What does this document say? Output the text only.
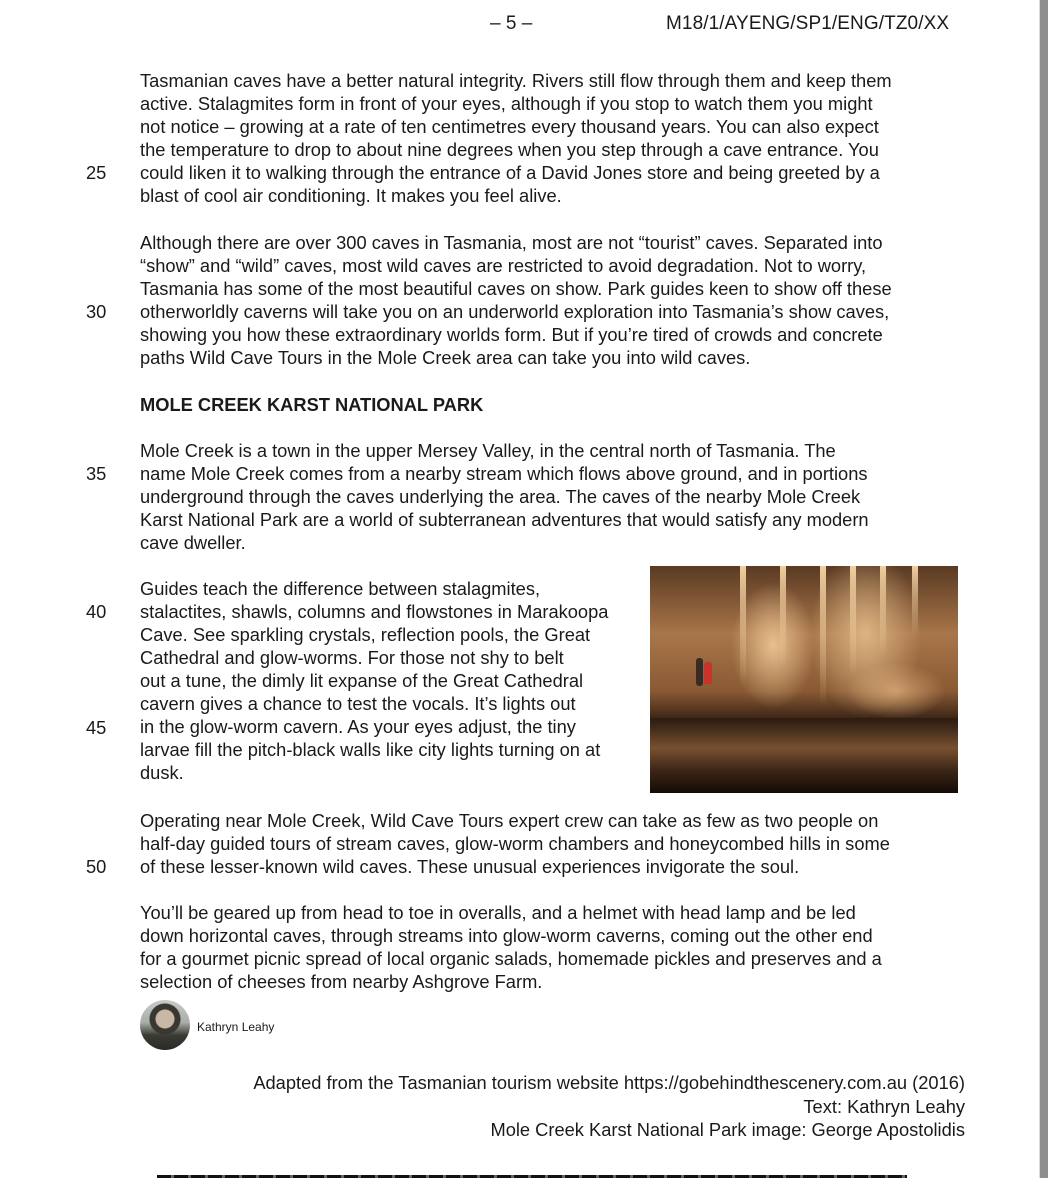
– 5 –	M18/1/AYENG/SP1/ENG/TZ0/XX
25
30
35
40
45
50
Tasmanian caves have a better natural integrity. Rivers still flow through them and keep them
active. Stalagmites form in front of your eyes, although if you stop to watch them you might
not notice – growing at a rate of ten centimetres every thousand years. You can also expect
the temperature to drop to about nine degrees when you step through a cave entrance. You
could liken it to walking through the entrance of a David Jones store and being greeted by a
blast of cool air conditioning. It makes you feel alive.
Although there are over 300 caves in Tasmania, most are not “tourist” caves. Separated into
“show” and “wild” caves, most wild caves are restricted to avoid degradation. Not to worry,
Tasmania has some of the most beautiful caves on show. Park guides keen to show off these
otherworldly caverns will take you on an underworld exploration into Tasmania’s show caves,
showing you how these extraordinary worlds form. But if you’re tired of crowds and concrete
paths Wild Cave Tours in the Mole Creek area can take you into wild caves.
MOLE CREEK KARST NATIONAL PARK
Mole Creek is a town in the upper Mersey Valley, in the central north of Tasmania. The
name Mole Creek comes from a nearby stream which flows above ground, and in portions
underground through the caves underlying the area. The caves of the nearby Mole Creek
Karst National Park are a world of subterranean adventures that would satisfy any modern
cave dweller.
Guides teach the difference between stalagmites,
stalactites, shawls, columns and flowstones in Marakoopa
Cave. See sparkling crystals, reflection pools, the Great
Cathedral and glow-worms. For those not shy to belt
out a tune, the dimly lit expanse of the Great Cathedral
cavern gives a chance to test the vocals. It’s lights out
in the glow-worm cavern. As your eyes adjust, the tiny
larvae fill the pitch-black walls like city lights turning on at
dusk.
Operating near Mole Creek, Wild Cave Tours expert crew can take as few as two people on
half-day guided tours of stream caves, glow-worm chambers and honeycombed hills in some
of these lesser-known wild caves. These unusual experiences invigorate the soul.
You’ll be geared up from head to toe in overalls, and a helmet with head lamp and be led
down horizontal caves, through streams into glow-worm caverns, coming out the other end
for a gourmet picnic spread of local organic salads, homemade pickles and preserves and a
selection of cheeses from nearby Ashgrove Farm.
Kathryn Leahy
Adapted from the Tasmanian tourism website https://gobehindthescenery.com.au (2016)
Text: Kathryn Leahy
Mole Creek Karst National Park image: George Apostolidis
